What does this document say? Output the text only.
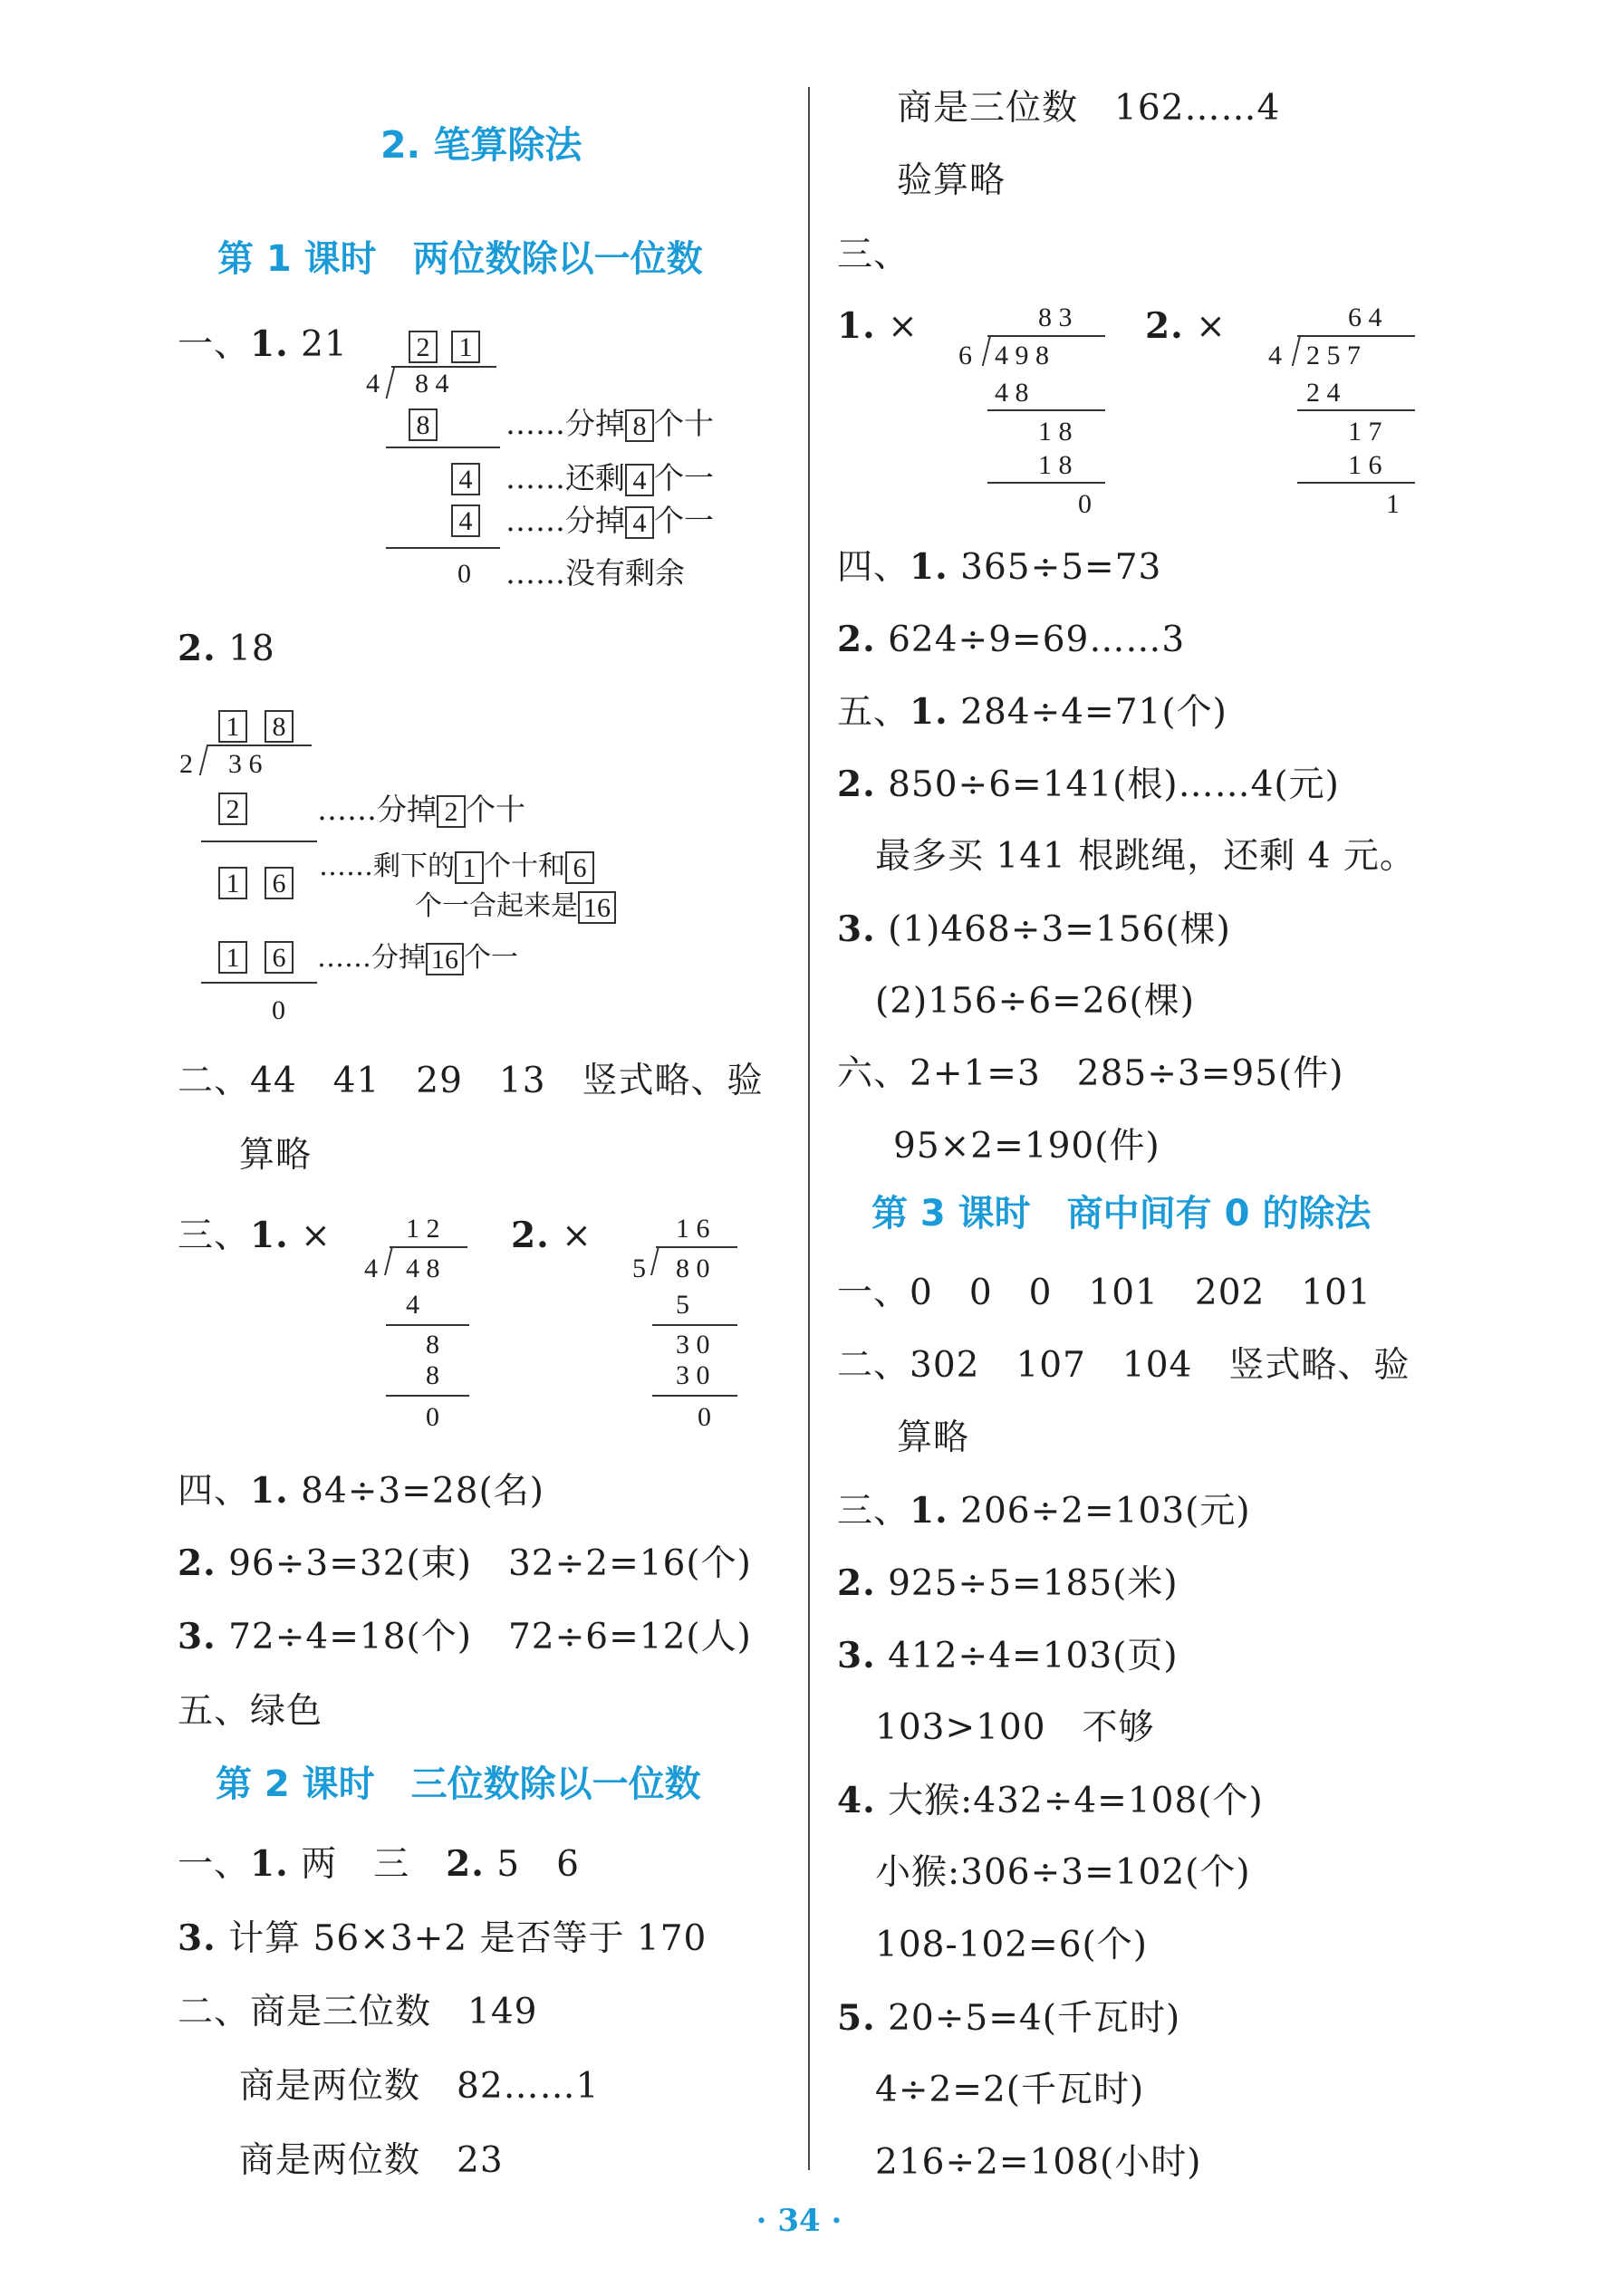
2. 笔算除法
第 1 课时　两位数除以一位数
一、1. 21	2 1
4 8 4
8
4
4
0
……分掉 8 个十
……还剩 4 个一
……分掉 4 个一
……没有剩余
2. 18
1 8
2 3 6
2
1 6
1 6
0
……分掉 2 个十
……剩下的 1 个十和 6
个一合起来是 16
……分掉 16 个一
二、44　41　29　13　竖式略、验
算略
三、1. ×	2. ×
1 2
4 4 8
4
8
8
0
1 6
5 8 0
5
3 0
3 0
0
四、1. 84÷3=28(名)
2. 96÷3=32(束)　32÷2=16(个)
3. 72÷4=18(个)　72÷6=12(人)
五、绿色
第 2 课时　三位数除以一位数
一、1. 两　三　2. 5　6
3. 计算 56×3+2 是否等于 170
二、商是三位数　149
商是两位数　82……1
商是两位数　23
商是三位数　162……4
验算略
三、
1. ×	2. ×
8 3
6 4 9 8
4 8
1 8
1 8
0
6 4
4 2 5 7
2 4
1 7
1 6
1
四、1. 365÷5=73
2. 624÷9=69……3
五、1. 284÷4=71(个)
2. 850÷6=141(根)……4(元)
最多买 141 根跳绳，还剩 4 元。
3. (1)468÷3=156(棵)
(2)156÷6=26(棵)
六、2+1=3　285÷3=95(件)
95×2=190(件)
第 3 课时　商中间有 0 的除法
一、0　0　0　101　202　101
二、302　107　104　竖式略、验
算略
三、1. 206÷2=103(元)
2. 925÷5=185(米)
3. 412÷4=103(页)
103>100　不够
4. 大猴:432÷4=108(个)
小猴:306÷3=102(个)
108-102=6(个)
5. 20÷5=4(千瓦时)
4÷2=2(千瓦时)
216÷2=108(小时)
· 34 ·
